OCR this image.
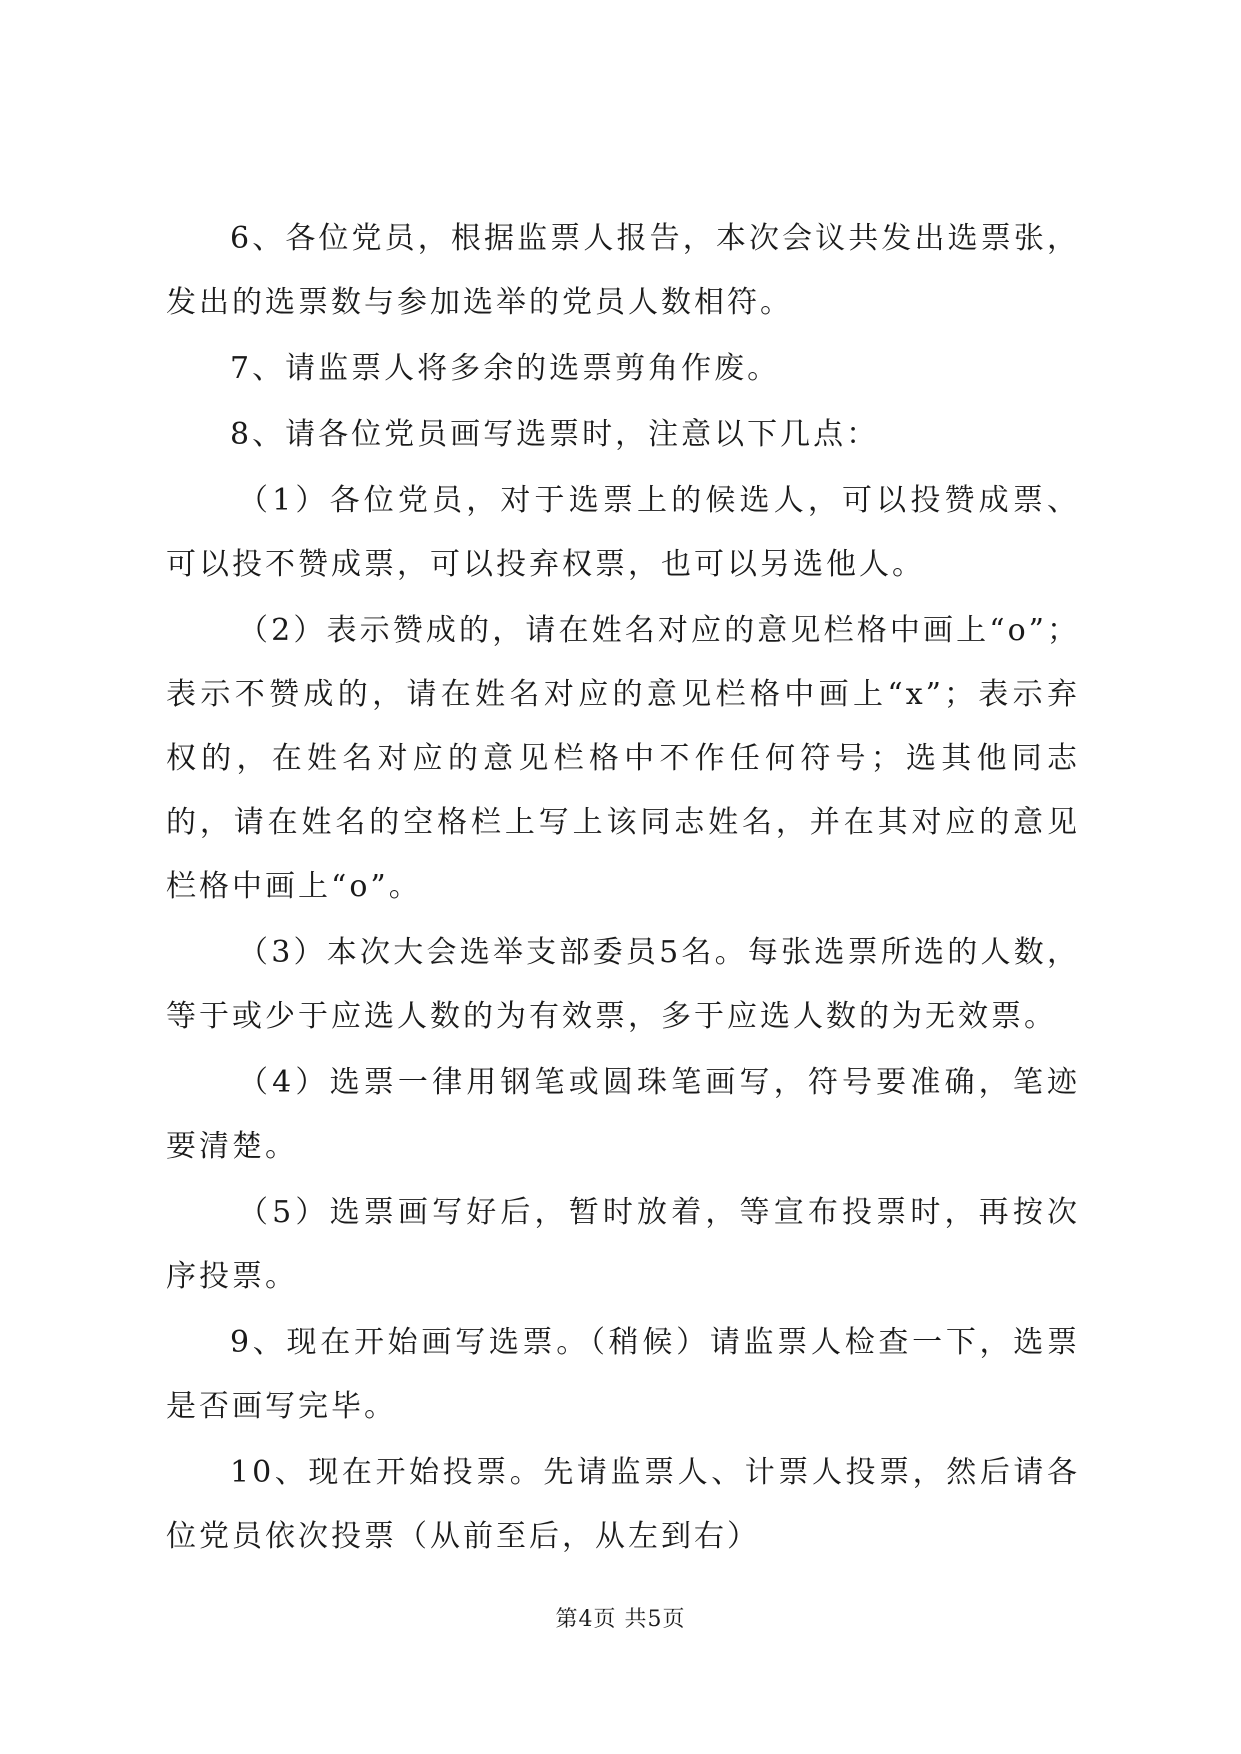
6、各位党员，根据监票人报告，本次会议共发出选票张，发出的选票数与参加选举的党员人数相符。

7、请监票人将多余的选票剪角作废。

8、请各位党员画写选票时，注意以下几点：

（1）各位党员，对于选票上的候选人，可以投赞成票、可以投不赞成票，可以投弃权票，也可以另选他人。

（2）表示赞成的，请在姓名对应的意见栏格中画上“o”；表示不赞成的，请在姓名对应的意见栏格中画上“x”；表示弃权的，在姓名对应的意见栏格中不作任何符号；选其他同志的，请在姓名的空格栏上写上该同志姓名，并在其对应的意见栏格中画上“o”。

（3）本次大会选举支部委员5名。每张选票所选的人数，等于或少于应选人数的为有效票，多于应选人数的为无效票。

（4）选票一律用钢笔或圆珠笔画写，符号要准确，笔迹要清楚。

（5）选票画写好后，暂时放着，等宣布投票时，再按次序投票。

9、现在开始画写选票。（稍候）请监票人检查一下，选票是否画写完毕。

10、现在开始投票。先请监票人、计票人投票，然后请各位党员依次投票（从前至后，从左到右）

第4页 共5页
